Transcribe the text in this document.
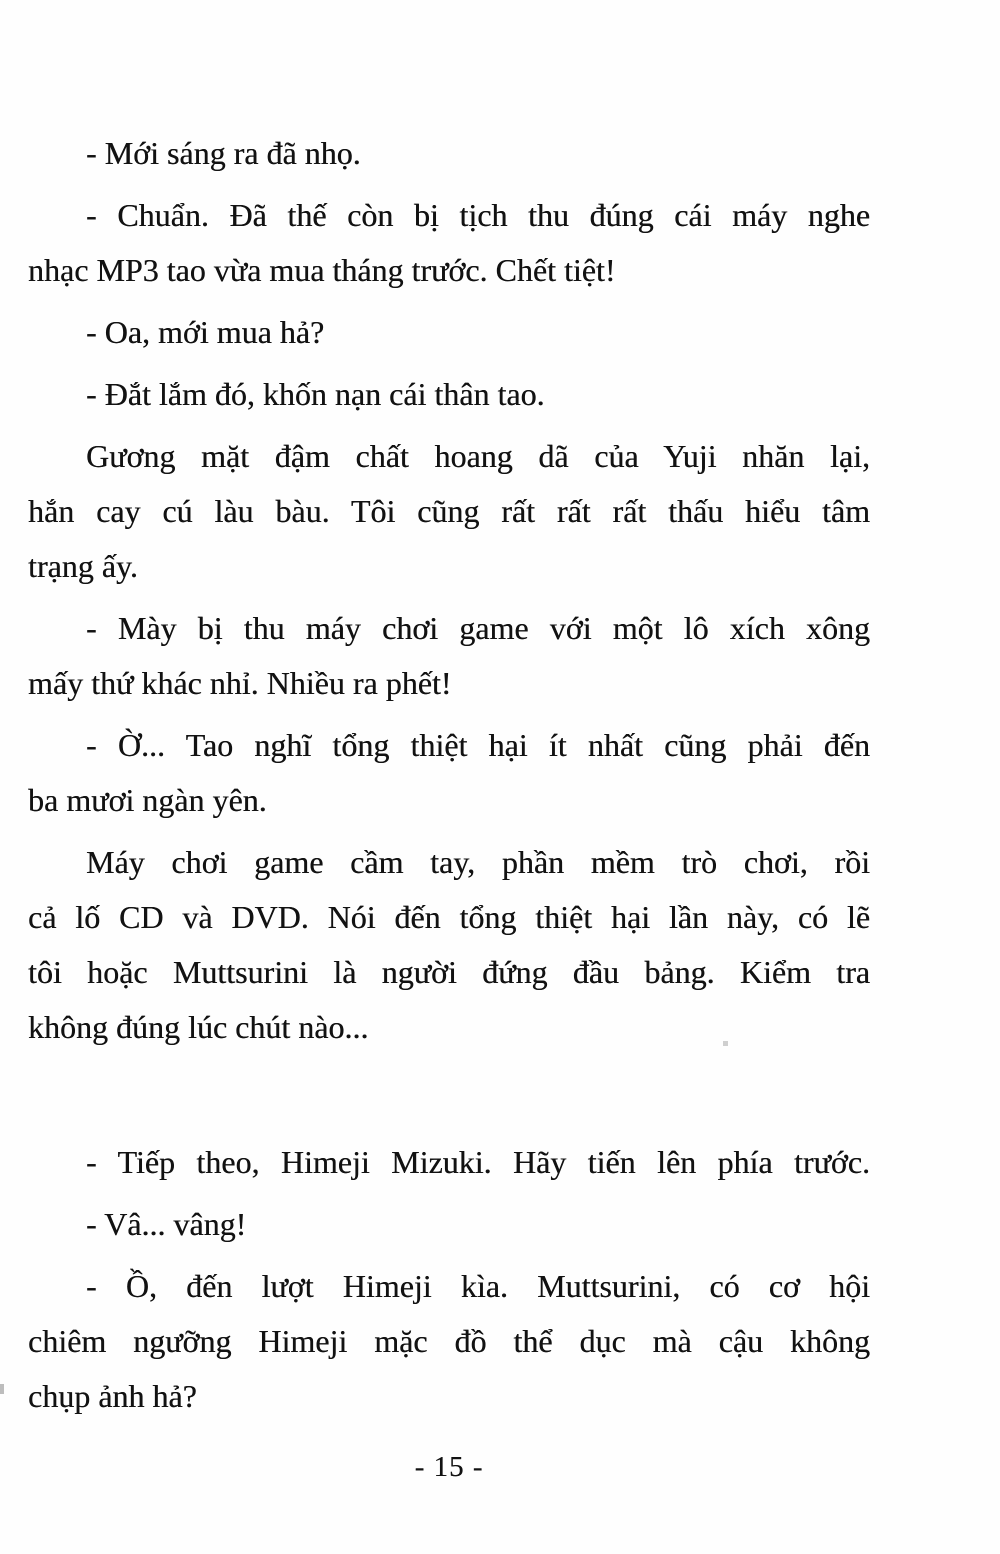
- Mới sáng ra đã nhọ.
- Chuẩn. Đã thế còn bị tịch thu đúng cái máy nghe
nhạc MP3 tao vừa mua tháng trước. Chết tiệt!
- Oa, mới mua hả?
- Đắt lắm đó, khốn nạn cái thân tao.
Gương mặt đậm chất hoang dã của Yuji nhăn lại,
hắn cay cú làu bàu. Tôi cũng rất rất rất thấu hiểu tâm
trạng ấy.
- Mày bị thu máy chơi game với một lô xích xông
mấy thứ khác nhỉ. Nhiều ra phết!
- Ờ... Tao nghĩ tổng thiệt hại ít nhất cũng phải đến
ba mươi ngàn yên.
Máy chơi game cầm tay, phần mềm trò chơi, rồi
cả lố CD và DVD. Nói đến tổng thiệt hại lần này, có lẽ
tôi hoặc Muttsurini là người đứng đầu bảng. Kiểm tra
không đúng lúc chút nào...
- Tiếp theo, Himeji Mizuki. Hãy tiến lên phía trước.
- Vâ... vâng!
- Ồ, đến lượt Himeji kìa. Muttsurini, có cơ hội
chiêm ngưỡng Himeji mặc đồ thể dục mà cậu không
chụp ảnh hả?
- 15 -
